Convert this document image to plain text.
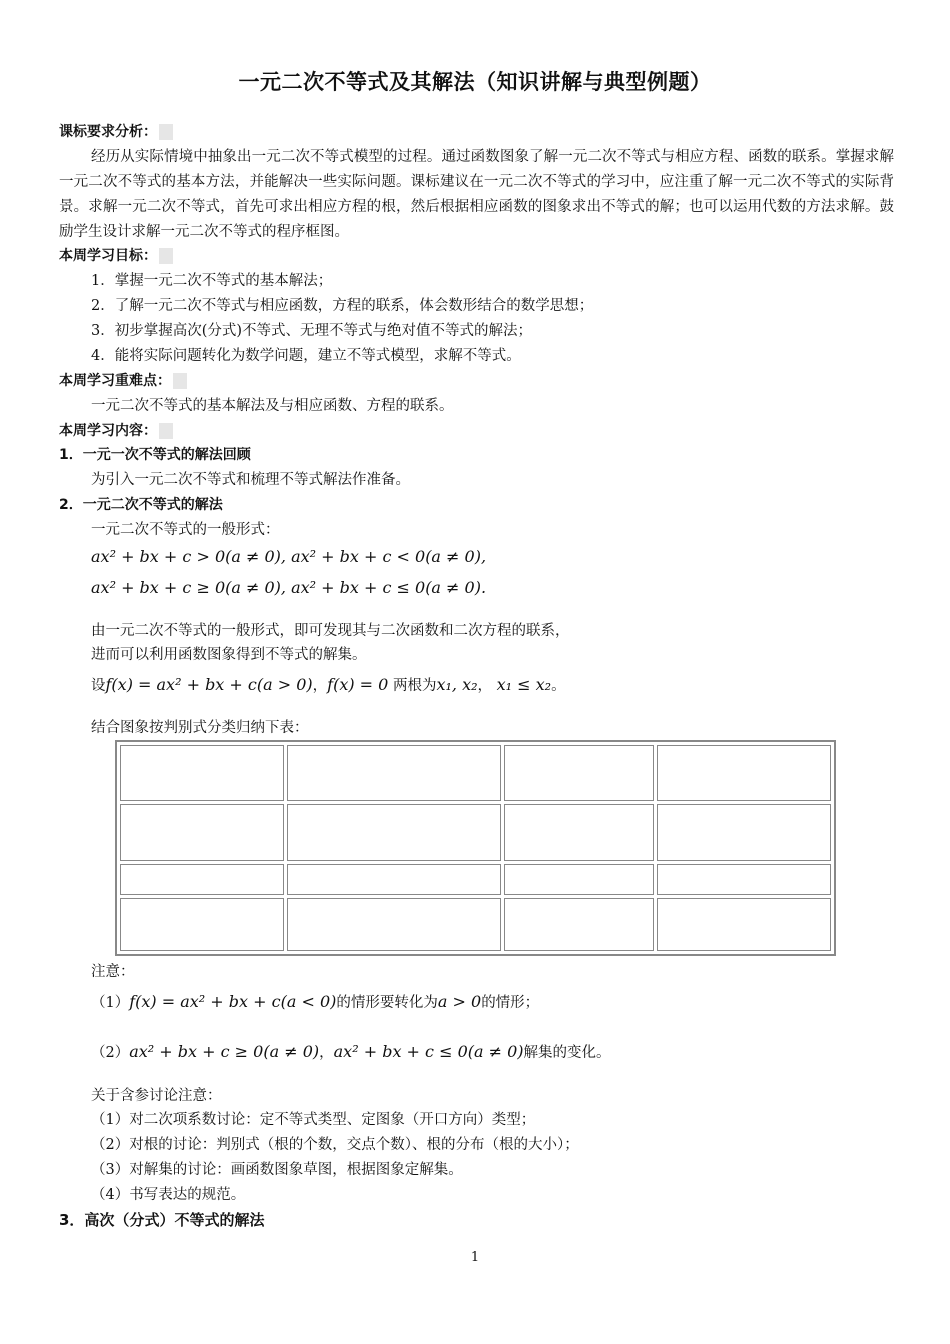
一元二次不等式及其解法（知识讲解与典型例题）
课标要求分析：
经历从实际情境中抽象出一元二次不等式模型的过程。通过函数图象了解一元二次不等式与相应方程、函数的联系。掌握求解一元二次不等式的基本方法，并能解决一些实际问题。课标建议在一元二次不等式的学习中，应注重了解一元二次不等式的实际背景。求解一元二次不等式，首先可求出相应方程的根，然后根据相应函数的图象求出不等式的解；也可以运用代数的方法求解。鼓励学生设计求解一元二次不等式的程序框图。
本周学习目标：
1．掌握一元二次不等式的基本解法；
2．了解一元二次不等式与相应函数，方程的联系，体会数形结合的数学思想；
3．初步掌握高次(分式)不等式、无理不等式与绝对值不等式的解法；
4．能将实际问题转化为数学问题，建立不等式模型，求解不等式。
本周学习重难点：
一元二次不等式的基本解法及与相应函数、方程的联系。
本周学习内容：
1．一元一次不等式的解法回顾
为引入一元二次不等式和梳理不等式解法作准备。
2．一元二次不等式的解法
一元二次不等式的一般形式：
ax² + bx + c > 0(a ≠ 0), ax² + bx + c < 0(a ≠ 0),
ax² + bx + c ≥ 0(a ≠ 0), ax² + bx + c ≤ 0(a ≠ 0).
由一元二次不等式的一般形式，即可发现其与二次函数和二次方程的联系，
进而可以利用函数图象得到不等式的解集。
设f(x) = ax² + bx + c(a > 0)，f(x) = 0 两根为x₁, x₂， x₁ ≤ x₂。
结合图象按判别式分类归纳下表：

注意：
（1）f(x) = ax² + bx + c(a < 0)的情形要转化为a > 0的情形；
（2）ax² + bx + c ≥ 0(a ≠ 0)，ax² + bx + c ≤ 0(a ≠ 0)解集的变化。
关于含参讨论注意：
（1）对二次项系数讨论：定不等式类型、定图象（开口方向）类型；
（2）对根的讨论：判别式（根的个数，交点个数）、根的分布（根的大小）；
（3）对解集的讨论：画函数图象草图，根据图象定解集。
（4）书写表达的规范。
3．高次（分式）不等式的解法
1
